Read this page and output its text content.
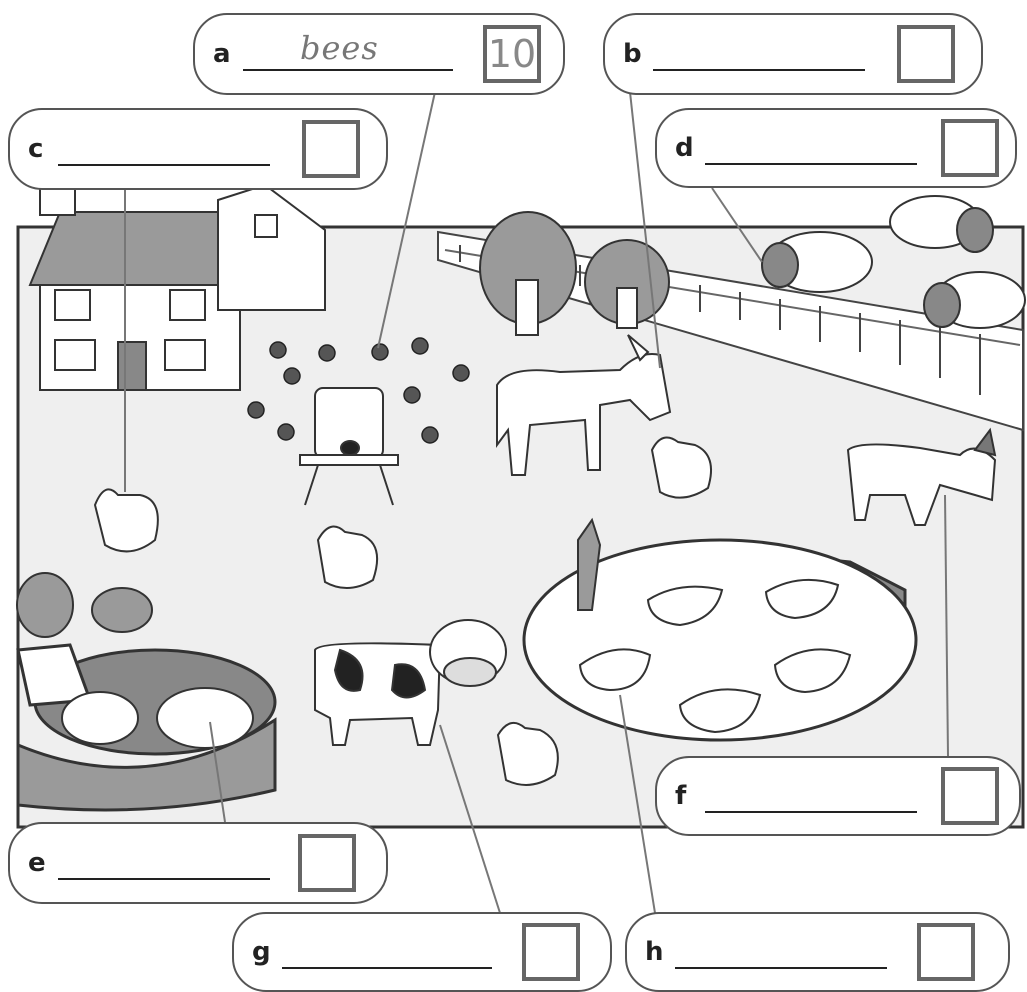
a bees	10	b
c	d
e
f
g	h
